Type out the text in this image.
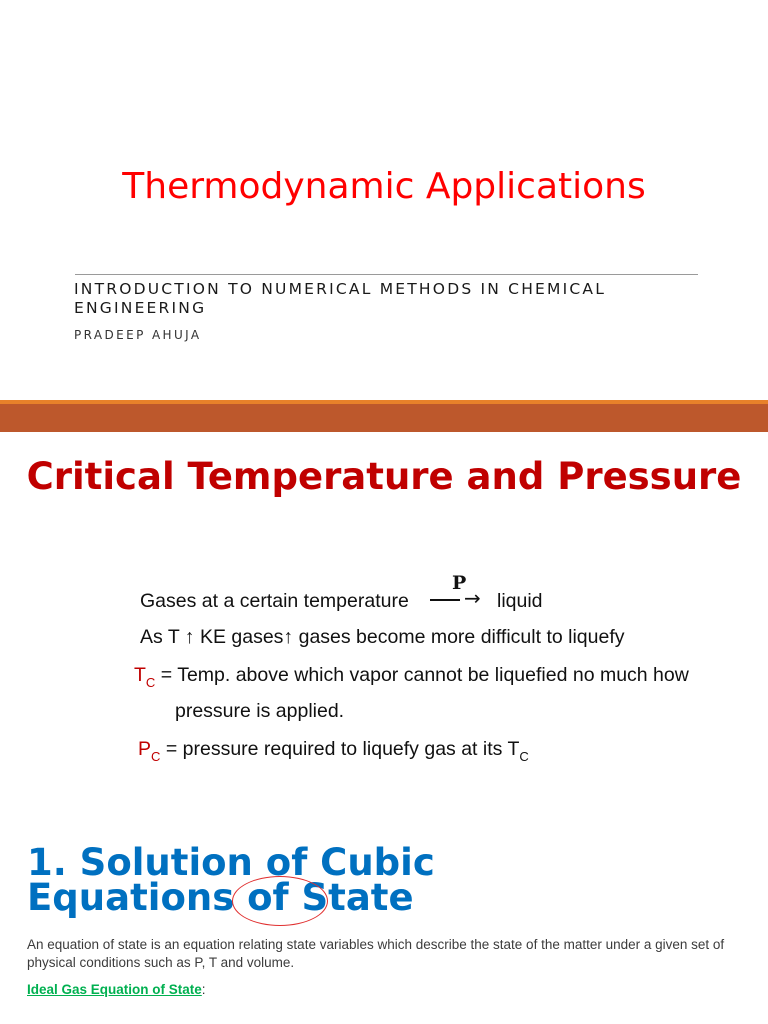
Thermodynamic Applications
INTRODUCTION TO NUMERICAL METHODS IN CHEMICAL ENGINEERING
PRADEEP AHUJA
Critical Temperature and Pressure
Gases at a certain temperature
P
→ liquid
As T ↑ KE gases↑ gases become more difficult to liquefy
$T_C$ = Temp. above which vapor cannot be liquefied no much how
pressure is applied.
$P_C$ = pressure required to liquefy gas at its $T_C$
1. Solution of Cubic
Equations of State
An equation of state is an equation relating state variables which describe the state of the matter under a given set of physical conditions such as P, T and volume.
Ideal Gas Equation of State:
